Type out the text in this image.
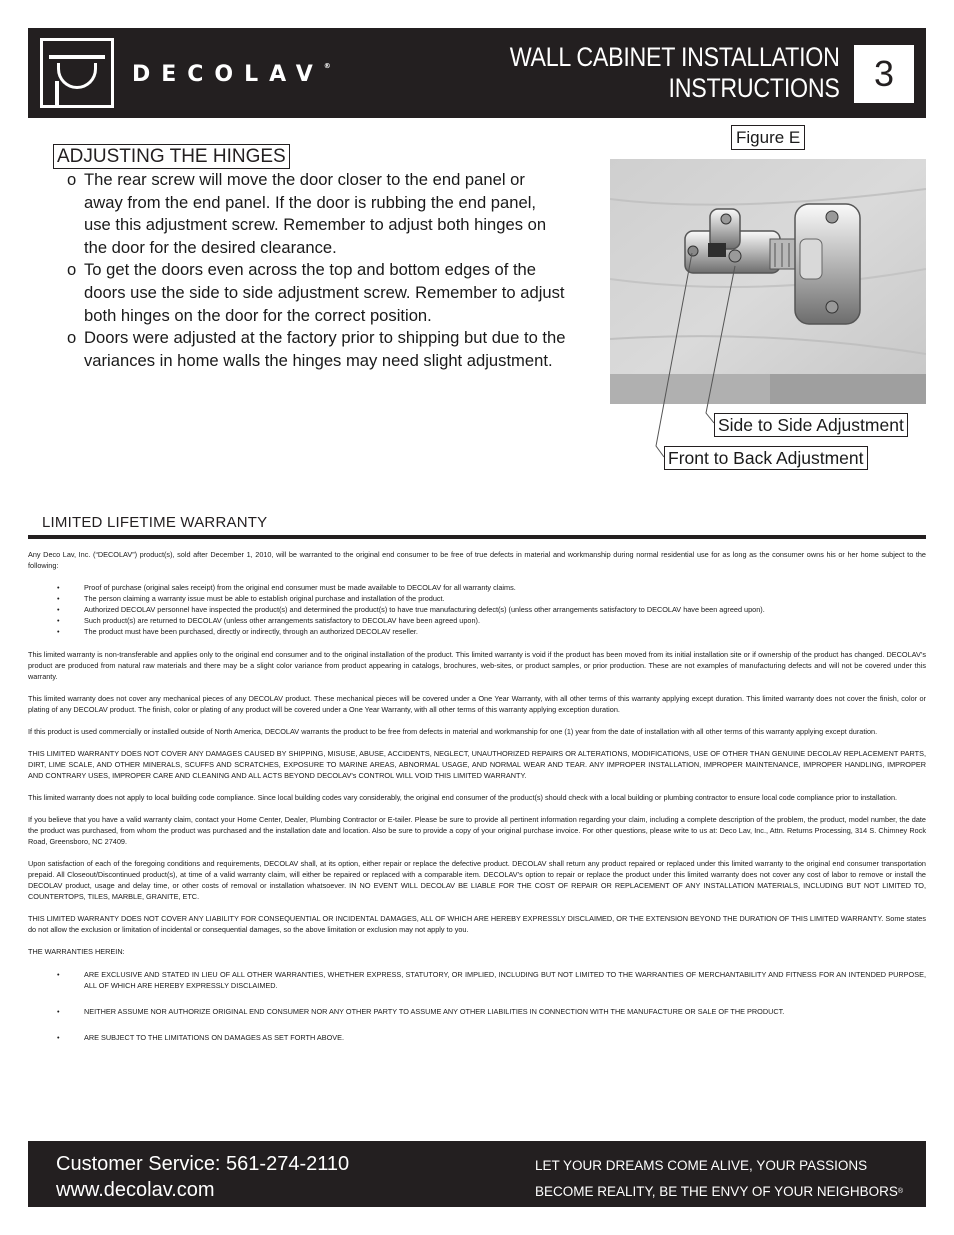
DECOLAV®	WALL CABINET INSTALLATION
INSTRUCTIONS 3
ADJUSTING THE HINGES
o The rear screw will move the door closer to the end panel or away from the end panel. If the door is rubbing the end panel, use this adjustment screw. Remember to adjust both hinges on the door for the desired clearance.
o To get the doors even across the top and bottom edges of the doors use the side to side adjustment screw. Remember to adjust both hinges on the door for the correct position.
o Doors were adjusted at the factory prior to shipping but due to the variances in home walls the hinges may need slight adjustment.
Figure E
Side to Side Adjustment
Front to Back Adjustment
LIMITED LIFETIME WARRANTY

Any Deco Lav, Inc. (“DECOLAV”) product(s), sold after December 1, 2010, will be warranted to the original end consumer to be free of true defects in material and workmanship during normal residential use for as long as the consumer owns his or her home subject to the following:

• Proof of purchase (original sales receipt) from the original end consumer must be made available to DECOLAV for all warranty claims.
• The person claiming a warranty issue must be able to establish original purchase and installation of the product.
• Authorized DECOLAV personnel have inspected the product(s) and determined the product(s) to have true manufacturing defect(s) (unless other arrangements satisfactory to DECOLAV have been agreed upon).
• Such product(s) are returned to DECOLAV (unless other arrangements satisfactory to DECOLAV have been agreed upon).
• The product must have been purchased, directly or indirectly, through an authorized DECOLAV reseller.

This limited warranty is non-transferable and applies only to the original end consumer and to the original installation of the product. This limited warranty is void if the product has been moved from its initial installation site or if ownership of the product has changed. DECOLAV’s product are produced from natural raw materials and there may be a slight color variance from product appearing in catalogs, brochures, web-sites, or product samples, or prior production. These are not examples of manufacturing defects and will not be covered under this warranty.

This limited warranty does not cover any mechanical pieces of any DECOLAV product. These mechanical pieces will be covered under a One Year Warranty, with all other terms of this warranty applying except duration. This limited warranty does not cover the finish, color or plating of any DECOLAV product. The finish, color or plating of any product will be covered under a One Year Warranty, with all other terms of this warranty applying exception duration.

If this product is used commercially or installed outside of North America, DECOLAV warrants the product to be free from defects in material and workmanship for one (1) year from the date of installation with all other terms of this warranty applying except duration.

THIS LIMITED WARRANTY DOES NOT COVER ANY DAMAGES CAUSED BY SHIPPING, MISUSE, ABUSE, ACCIDENTS, NEGLECT, UNAUTHORIZED REPAIRS OR ALTERATIONS, MODIFICATIONS, USE OF OTHER THAN GENUINE DECOLAV REPLACEMENT PARTS, DIRT, LIME SCALE, AND OTHER MINERALS, SCUFFS AND SCRATCHES, EXPOSURE TO MARINE AREAS, ABNORMAL USAGE, AND NORMAL WEAR AND TEAR. ANY IMPROPER INSTALLATION, IMPROPER MAINTENANCE, IMPROPER HANDLING, IMPROPER AND CONTRARY USES, IMPROPER CARE AND CLEANING AND ALL ACTS BEYOND DECOLAV’s CONTROL WILL VOID THIS LIMITED WARRANTY.

This limited warranty does not apply to local building code compliance. Since local building codes vary considerably, the original end consumer of the product(s) should check with a local building or plumbing contractor to ensure local code compliance prior to installation.

If you believe that you have a valid warranty claim, contact your Home Center, Dealer, Plumbing Contractor or E-tailer. Please be sure to provide all pertinent information regarding your claim, including a complete description of the problem, the product, model number, the date the product was purchased, from whom the product was purchased and the installation date and location. Also be sure to provide a copy of your original purchase invoice. For other questions, please write to us at: Deco Lav, Inc., Attn. Returns Processing, 314 S. Chimney Rock Road, Greensboro, NC 27409.

Upon satisfaction of each of the foregoing conditions and requirements, DECOLAV shall, at its option, either repair or replace the defective product. DECOLAV shall return any product repaired or replaced under this limited warranty to the original end consumer transportation prepaid. All Closeout/Discontinued product(s), at time of a valid warranty claim, will either be repaired or replaced with a comparable item. DECOLAV’s option to repair or replace the product under this limited warranty does not cover any cost of labor to remove or install the DECOLAV product, usage and delay time, or other costs of removal or installation whatsoever. IN NO EVENT WILL DECOLAV BE LIABLE FOR THE COST OF REPAIR OR REPLACEMENT OF ANY INSTALLATION MATERIALS, INCLUDING BUT NOT LIMITED TO, COUNTERTOPS, TILES, MARBLE, GRANITE, ETC.

THIS LIMITED WARRANTY DOES NOT COVER ANY LIABILITY FOR CONSEQUENTIAL OR INCIDENTAL DAMAGES, ALL OF WHICH ARE HEREBY EXPRESSLY DISCLAIMED, OR THE EXTENSION BEYOND THE DURATION OF THIS LIMITED WARRANTY. Some states do not allow the exclusion or limitation of incidental or consequential damages, so the above limitation or exclusion may not apply to you.

THE WARRANTIES HEREIN:

• ARE EXCLUSIVE AND STATED IN LIEU OF ALL OTHER WARRANTIES, WHETHER EXPRESS, STATUTORY, OR IMPLIED, INCLUDING BUT NOT LIMITED TO THE WARRANTIES OF MERCHANTABILITY AND FITNESS FOR AN INTENDED PURPOSE, ALL OF WHICH ARE HEREBY EXPRESSLY DISCLAIMED.
• NEITHER ASSUME NOR AUTHORIZE ORIGINAL END CONSUMER NOR ANY OTHER PARTY TO ASSUME ANY OTHER LIABILITIES IN CONNECTION WITH THE MANUFACTURE OR SALE OF THE PRODUCT.
• ARE SUBJECT TO THE LIMITATIONS ON DAMAGES AS SET FORTH ABOVE.
Customer Service: 561-274-2110
www.decolav.com
LET YOUR DREAMS COME ALIVE, YOUR PASSIONS
BECOME REALITY, BE THE ENVY OF YOUR NEIGHBORS®
